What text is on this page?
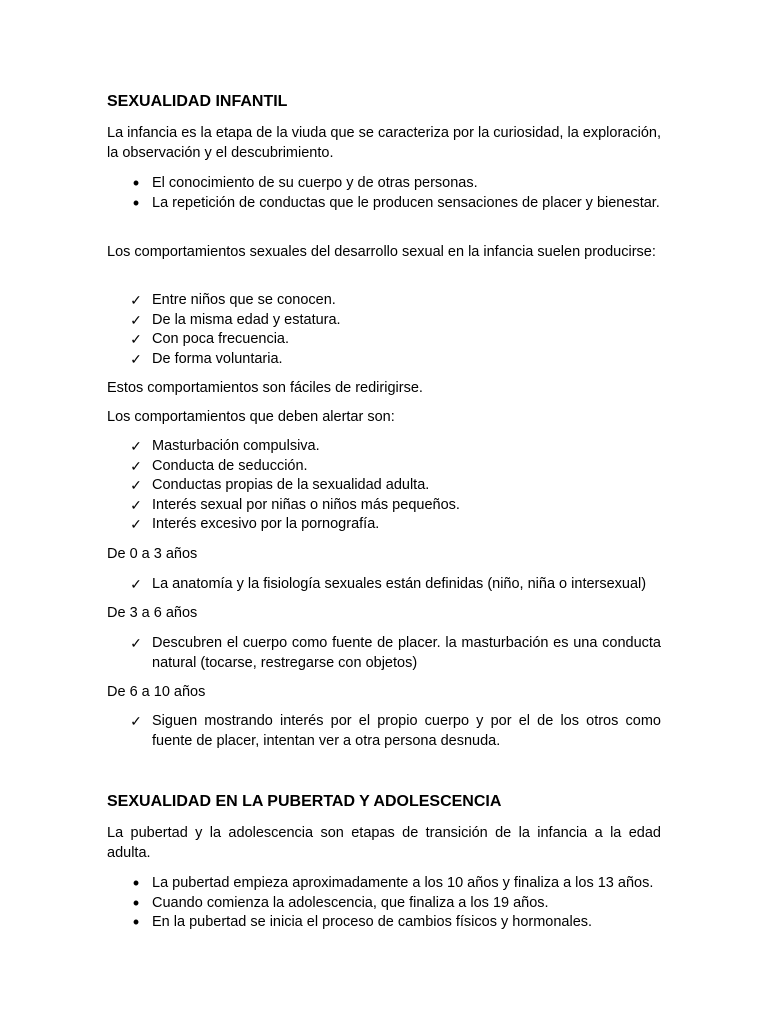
SEXUALIDAD INFANTIL

La infancia es la etapa de la viuda que se caracteriza por la curiosidad, la exploración, la observación y el descubrimiento.

• El conocimiento de su cuerpo y de otras personas.
• La repetición de conductas que le producen sensaciones de placer y bienestar.

Los comportamientos sexuales del desarrollo sexual en la infancia suelen producirse:

✓ Entre niños que se conocen.
✓ De la misma edad y estatura.
✓ Con poca frecuencia.
✓ De forma voluntaria.

Estos comportamientos son fáciles de redirigirse.

Los comportamientos que deben alertar son:

✓ Masturbación compulsiva.
✓ Conducta de seducción.
✓ Conductas propias de la sexualidad adulta.
✓ Interés sexual por niñas o niños más pequeños.
✓ Interés excesivo por la pornografía.

De 0 a 3 años

✓ La anatomía y la fisiología sexuales están definidas (niño, niña o intersexual)

De 3 a 6 años

✓ Descubren el cuerpo como fuente de placer. la masturbación es una conducta natural (tocarse, restregarse con objetos)

De 6 a 10 años

✓ Siguen mostrando interés por el propio cuerpo y por el de los otros como fuente de placer, intentan ver a otra persona desnuda.
SEXUALIDAD EN LA PUBERTAD Y ADOLESCENCIA

La pubertad y la adolescencia son etapas de transición de la infancia a la edad adulta.

• La pubertad empieza aproximadamente a los 10 años y finaliza a los 13 años.
• Cuando comienza la adolescencia, que finaliza a los 19 años.
• En la pubertad se inicia el proceso de cambios físicos y hormonales.
